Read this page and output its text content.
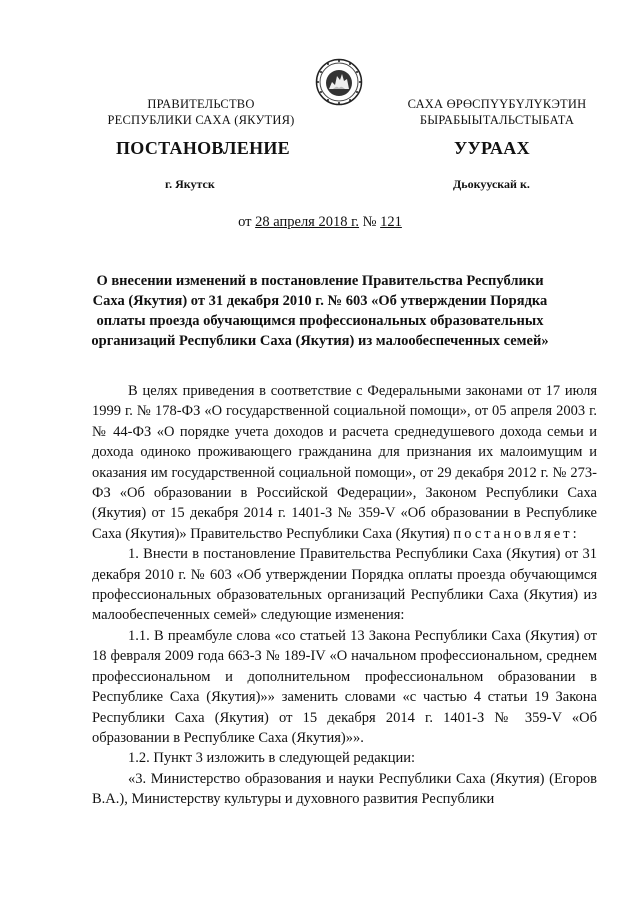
ПРАВИТЕЛЬСТВО
РЕСПУБЛИКИ САХА (ЯКУТИЯ)
САХА ӨРӨСПҮҮБҮЛҮКЭТИН
БЫРАБЫЫТАЛЬСТЫБАТА
ПОСТАНОВЛЕНИЕ	УУРААХ
г. Якутск	Дьокуускай к.
от 28 апреля 2018 г. № 121
О внесении изменений в постановление Правительства Республики
Саха (Якутия) от 31 декабря 2010 г. № 603 «Об утверждении Порядка
оплаты проезда обучающимся профессиональных образовательных
организаций Республики Саха (Якутия) из малообеспеченных семей»

В целях приведения в соответствие с Федеральными законами от 17 июля 1999 г. № 178-ФЗ «О государственной социальной помощи», от 05 апреля 2003 г. № 44-ФЗ «О порядке учета доходов и расчета среднедушевого дохода семьи и дохода одиноко проживающего гражданина для признания их малоимущим и оказания им государственной социальной помощи», от 29 декабря 2012 г. № 273-ФЗ «Об образовании в Российской Федерации», Законом Республики Саха (Якутия) от 15 декабря 2014 г. 1401-З № 359-V «Об образовании в Республике Саха (Якутия)» Правительство Республики Саха (Якутия) постановляет:

1. Внести в постановление Правительства Республики Саха (Якутия) от 31 декабря 2010 г. № 603 «Об утверждении Порядка оплаты проезда обучающимся профессиональных образовательных организаций Республики Саха (Якутия) из малообеспеченных семей» следующие изменения:

1.1. В преамбуле слова «со статьей 13 Закона Республики Саха (Якутия) от 18 февраля 2009 года 663-З № 189-IV «О начальном профессиональном, среднем профессиональном и дополнительном профессиональном образовании в Республике Саха (Якутия)»» заменить словами «с частью 4 статьи 19 Закона Республики Саха (Якутия) от 15 декабря 2014 г. 1401-З № 359-V «Об образовании в Республике Саха (Якутия)»».

1.2. Пункт 3 изложить в следующей редакции:

«3. Министерство образования и науки Республики Саха (Якутия) (Егоров В.А.), Министерству культуры и духовного развития Республики
